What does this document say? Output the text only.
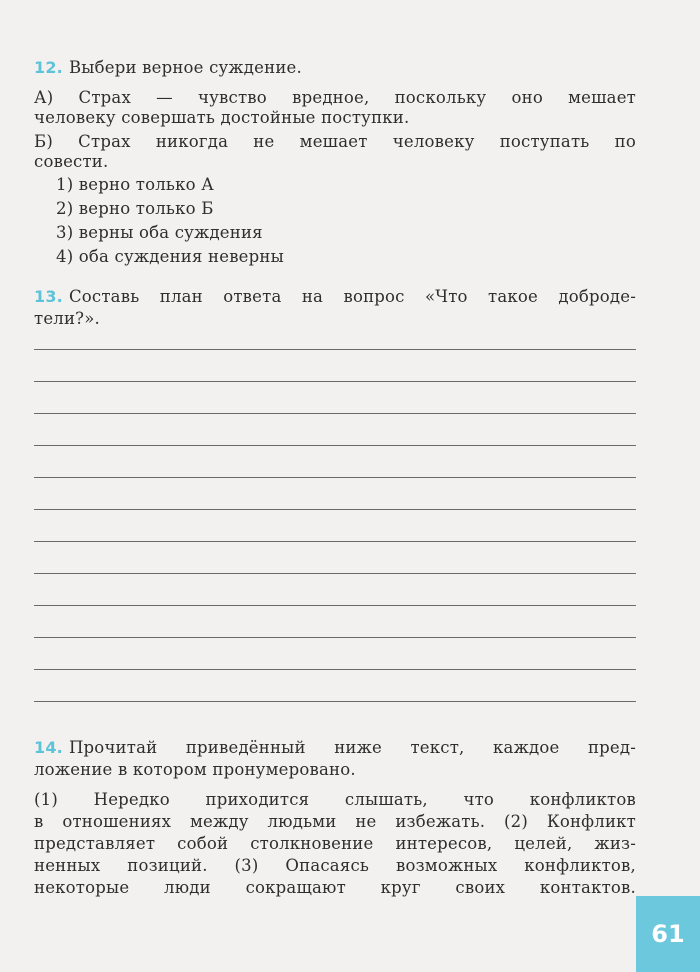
12. Выбери верное суждение.
А) Страх — чувство вредное, поскольку оно мешает
человеку совершать достойные поступки.
Б) Страх никогда не мешает человеку поступать по
совести.
1) верно только А
2) верно только Б
3) верны оба суждения
4) оба суждения неверны
13. Составь план ответа на вопрос «Что такое доброде-
тели?».
14. Прочитай приведённый ниже текст, каждое пред-
ложение в котором пронумеровано.
(1) Нередко приходится слышать, что конфликтов
в отношениях между людьми не избежать. (2) Конфликт
представляет собой столкновение интересов, целей, жиз-
ненных позиций. (3) Опасаясь возможных конфликтов,
некоторые люди сокращают круг своих контактов.
61
